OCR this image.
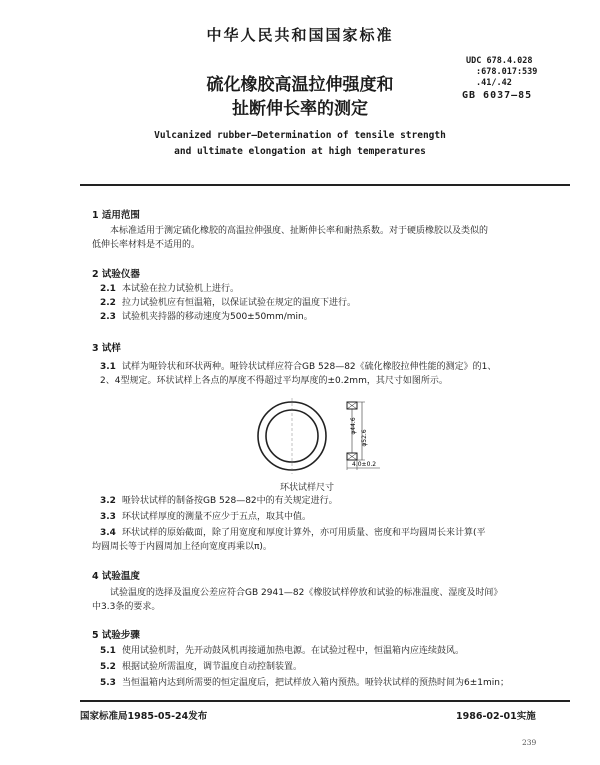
中华人民共和国国家标准
UDC 678.4.028
:678.017:539
.41/.42
GB 6037—85
硫化橡胶高温拉伸强度和
扯断伸长率的测定
Vulcanized rubber—Determination of tensile strength
and ultimate elongation at high temperatures
1 适用范围
本标准适用于测定硫化橡胶的高温拉伸强度、扯断伸长率和耐热系数。对于硬质橡胶以及类似的
低伸长率材料是不适用的。
2 试验仪器
2.1 本试验在拉力试验机上进行。
2.2 拉力试验机应有恒温箱，以保证试验在规定的温度下进行。
2.3 试验机夹持器的移动速度为500±50mm/min。
3 试样
3.1 试样为哑铃状和环状两种。哑铃状试样应符合GB 528—82《硫化橡胶拉伸性能的测定》的1、
2、4型规定。环状试样上各点的厚度不得超过平均厚度的±0.2mm，其尺寸如图所示。
φ44.6
φ52.6
4.0±0.2
环状试样尺寸
3.2 哑铃状试样的制备按GB 528—82中的有关规定进行。
3.3 环状试样厚度的测量不应少于五点，取其中值。
3.4 环状试样的原始截面，除了用宽度和厚度计算外，亦可用质量、密度和平均圆周长来计算(平
均圆周长等于内圆周加上径向宽度再乘以π)。
4 试验温度
试验温度的选择及温度公差应符合GB 2941—82《橡胶试样停放和试验的标准温度、湿度及时间》
中3.3条的要求。
5 试验步骤
5.1 使用试验机时，先开动鼓风机再接通加热电源。在试验过程中，恒温箱内应连续鼓风。
5.2 根据试验所需温度，调节温度自动控制装置。
5.3 当恒温箱内达到所需要的恒定温度后，把试样放入箱内预热。哑铃状试样的预热时间为6±1min；
国家标准局1985-05-24发布	1986-02-01实施
239
